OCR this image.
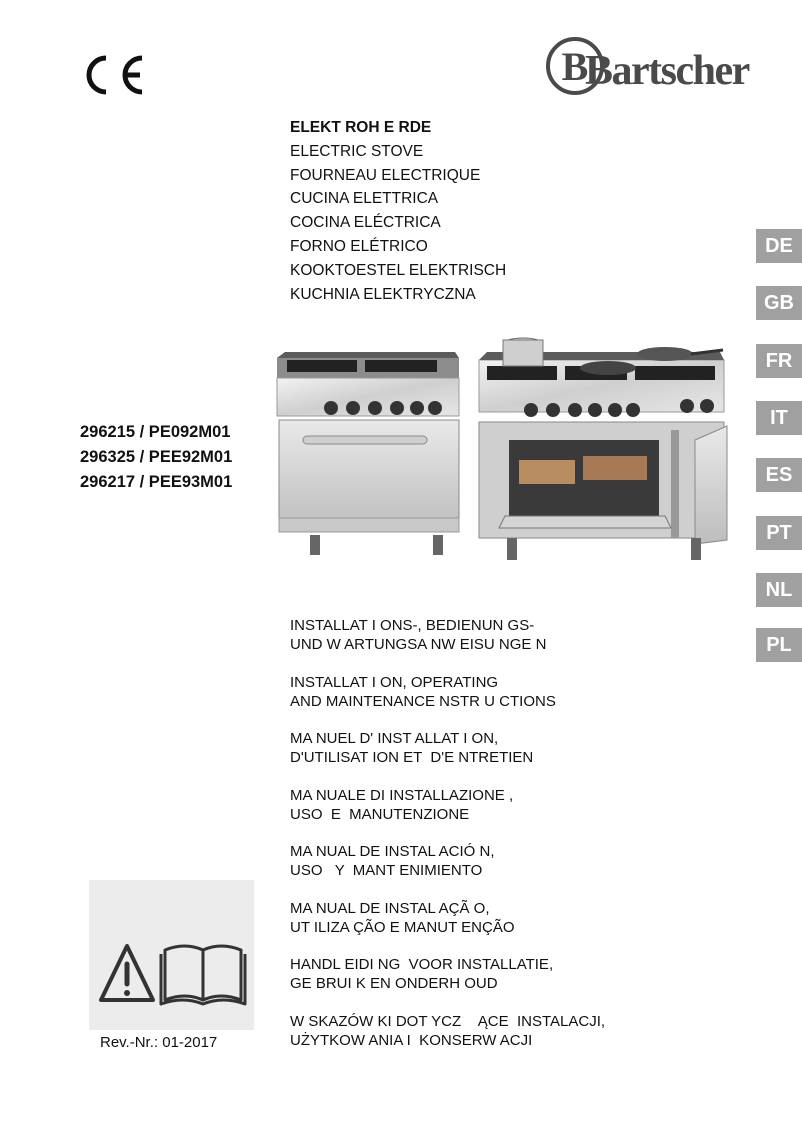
B
Bartscher
ELEKT ROH E RDE
ELECTRIC STOVE
FOURNEAU ELECTRIQUE
CUCINA ELETTRICA
COCINA ELÉCTRICA
FORNO ELÉTRICO
KOOKTOESTEL ELEKTRISCH
KUCHNIA ELEKTRYCZNA
DE
GB
FR
IT
ES
PT
NL
PL
296215 / PE092M01
296325 / PEE92M01
296217 / PEE93M01
INSTALLAT I ONS-, BEDIENUN GS-
UND W ARTUNGSA NW EISU NGE N
INSTALLAT I ON, OPERATING
AND MAINTENANCE NSTR U CTIONS
MA NUEL D' INST ALLAT I ON,
D'UTILISAT ION ET  D'E NTRETIEN
MA NUALE DI INSTALLAZIONE ,
USO  E  MANUTENZIONE
MA NUAL DE INSTAL ACIÓ N,
USO   Y  MANT ENIMIENTO
MA NUAL DE INSTAL AÇÃ O,
UT ILIZA ÇÃO E MANUT ENÇÃO
HANDL EIDI NG  VOOR INSTALLATIE,
GE BRUI K EN ONDERH OUD
W SKAZÓW KI DOT YCZ    ĄCE  INSTALACJI,
UŻYTKOW ANIA I  KONSERW ACJI
Rev.-Nr.: 01-2017
